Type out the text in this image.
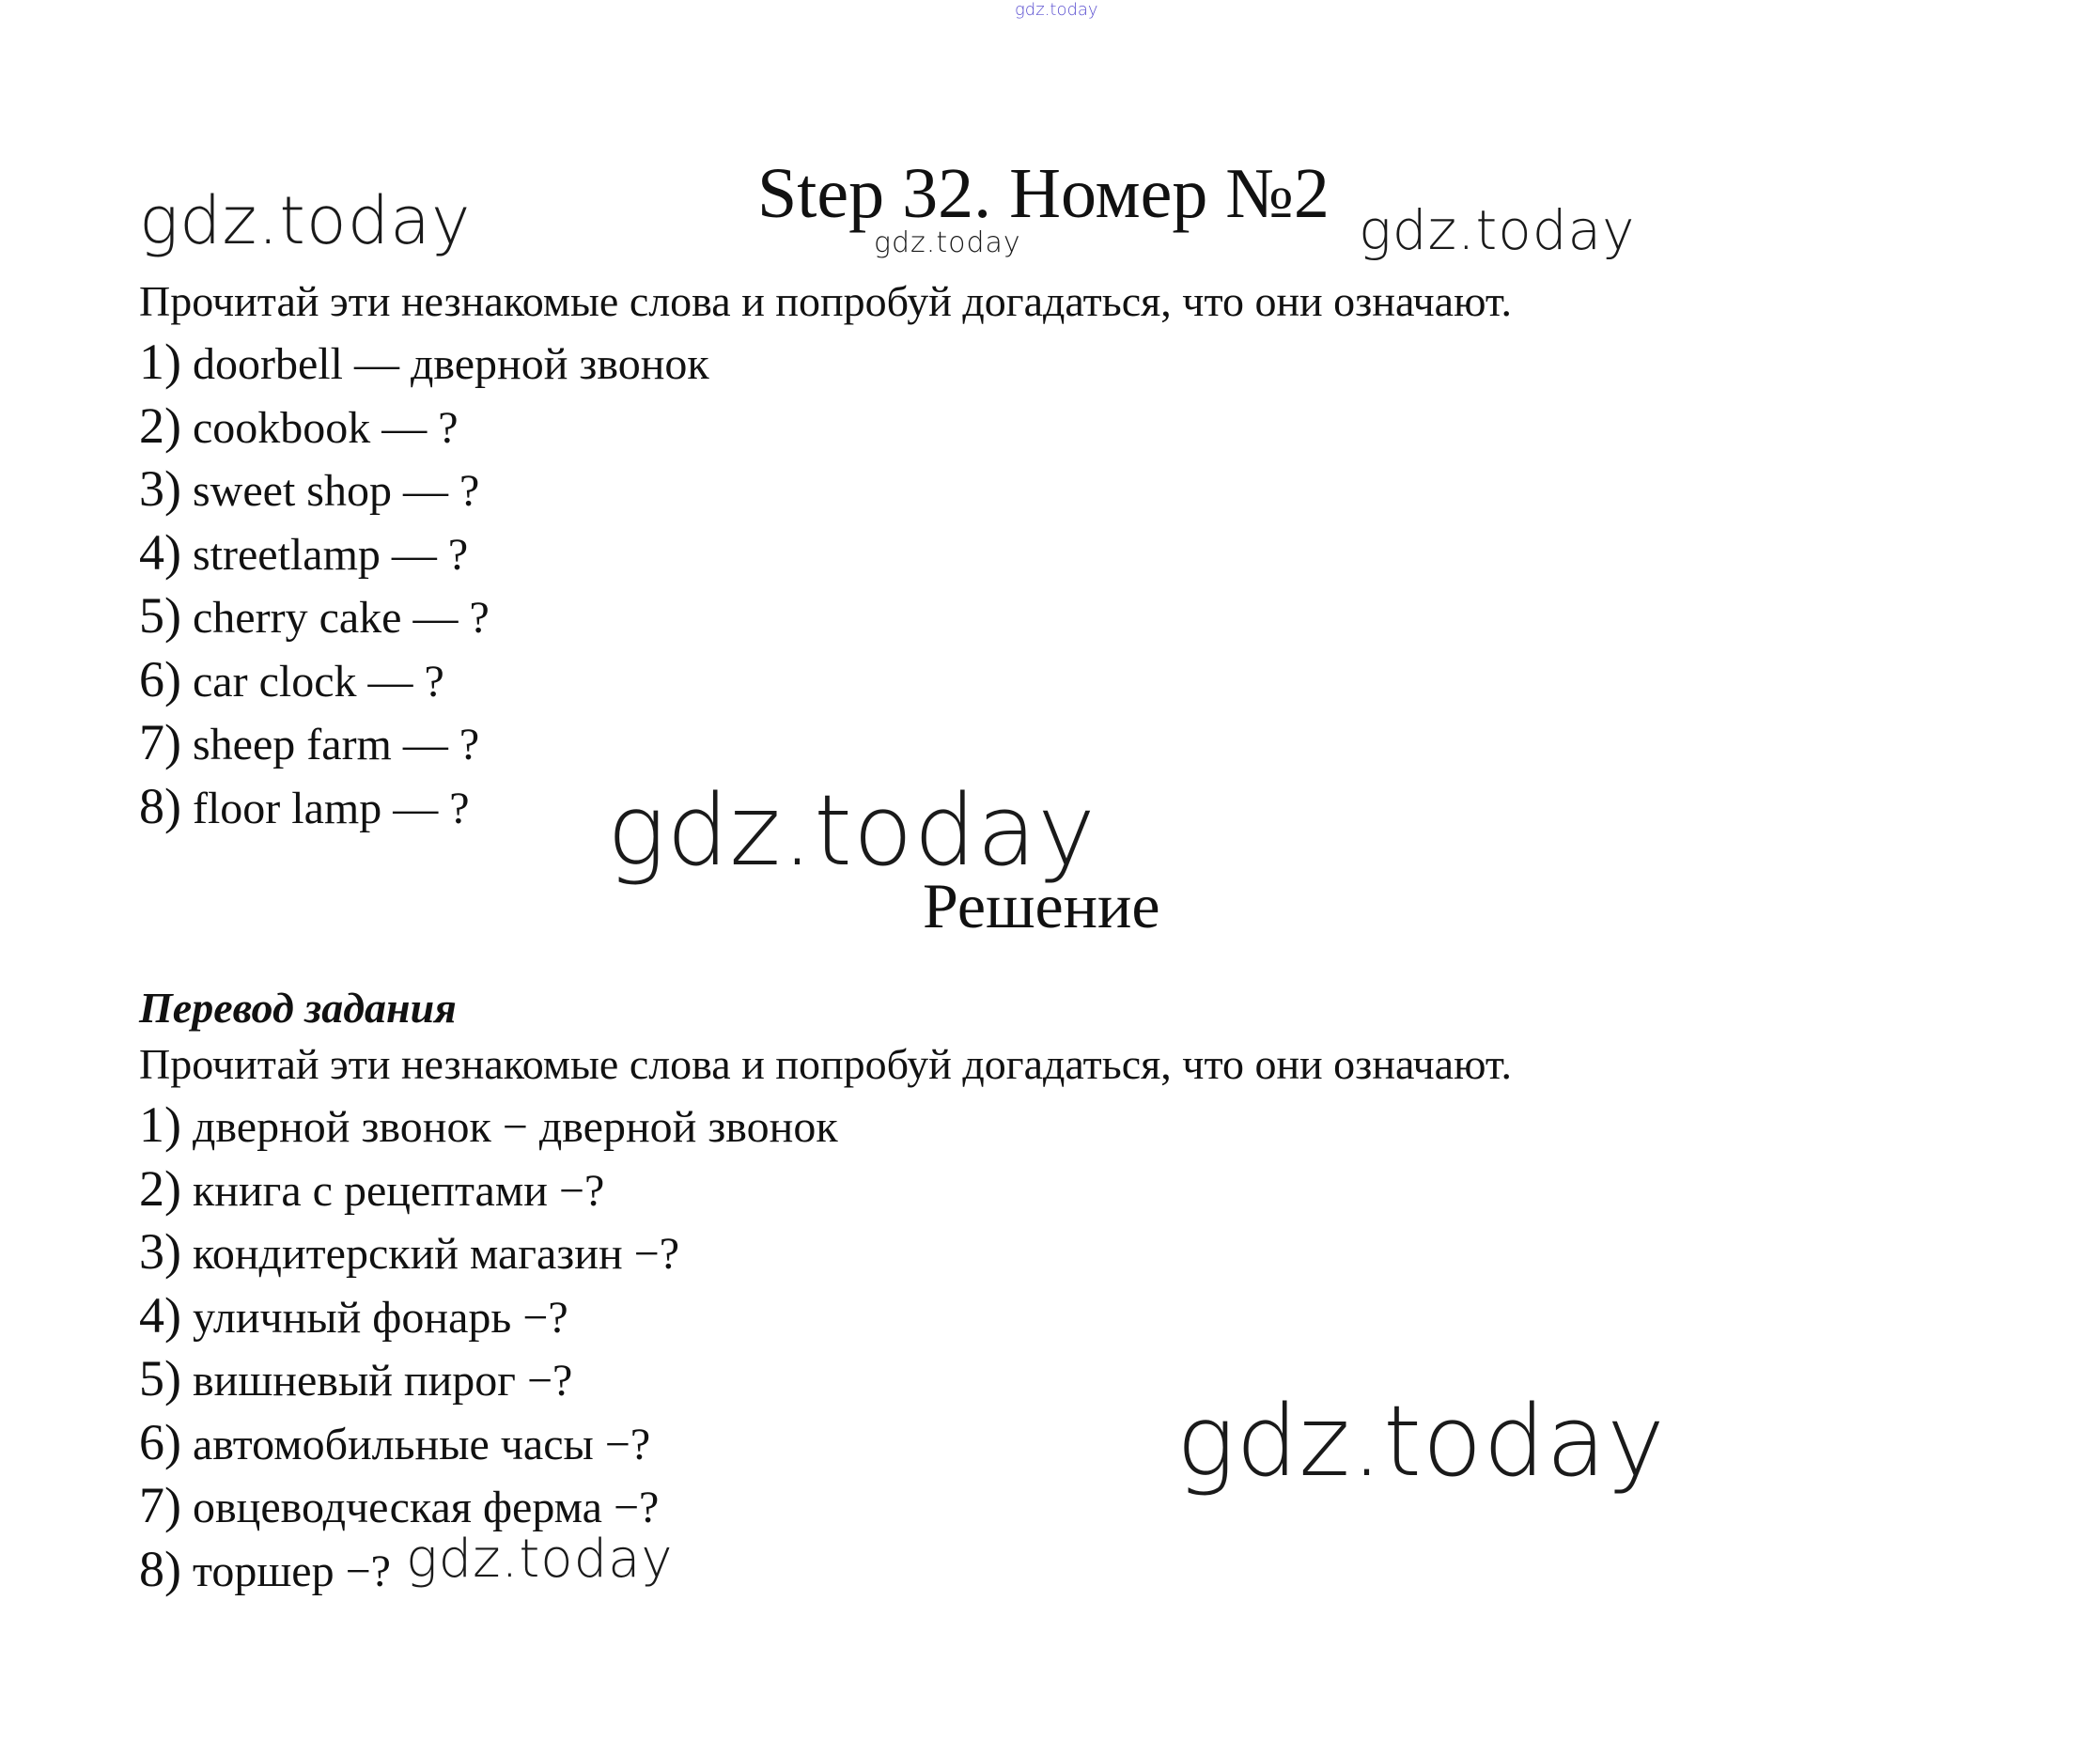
gdz.today
gdz.today	Step 32. Номер №2
gdz.today	gdz.today
Прочитай эти незнакомые слова и попробуй догадаться, что они означают.
1) doorbell — дверной звонок
2) cookbook — ?
3) sweet shop — ?
4) streetlamp — ?
5) cherry cake — ?
6) car clock — ?
7) sheep farm — ?
8) floor lamp — ?	gdz.today
Решение
Перевод задания
Прочитай эти незнакомые слова и попробуй догадаться, что они означают.
1) дверной звонок − дверной звонок
2) книга с рецептами −?
3) кондитерский магазин −?
4) уличный фонарь −?
5) вишневый пирог −?
6) автомобильные часы −?
7) овцеводческая ферма −?
8) торшер −?
gdz.today
gdz.today
